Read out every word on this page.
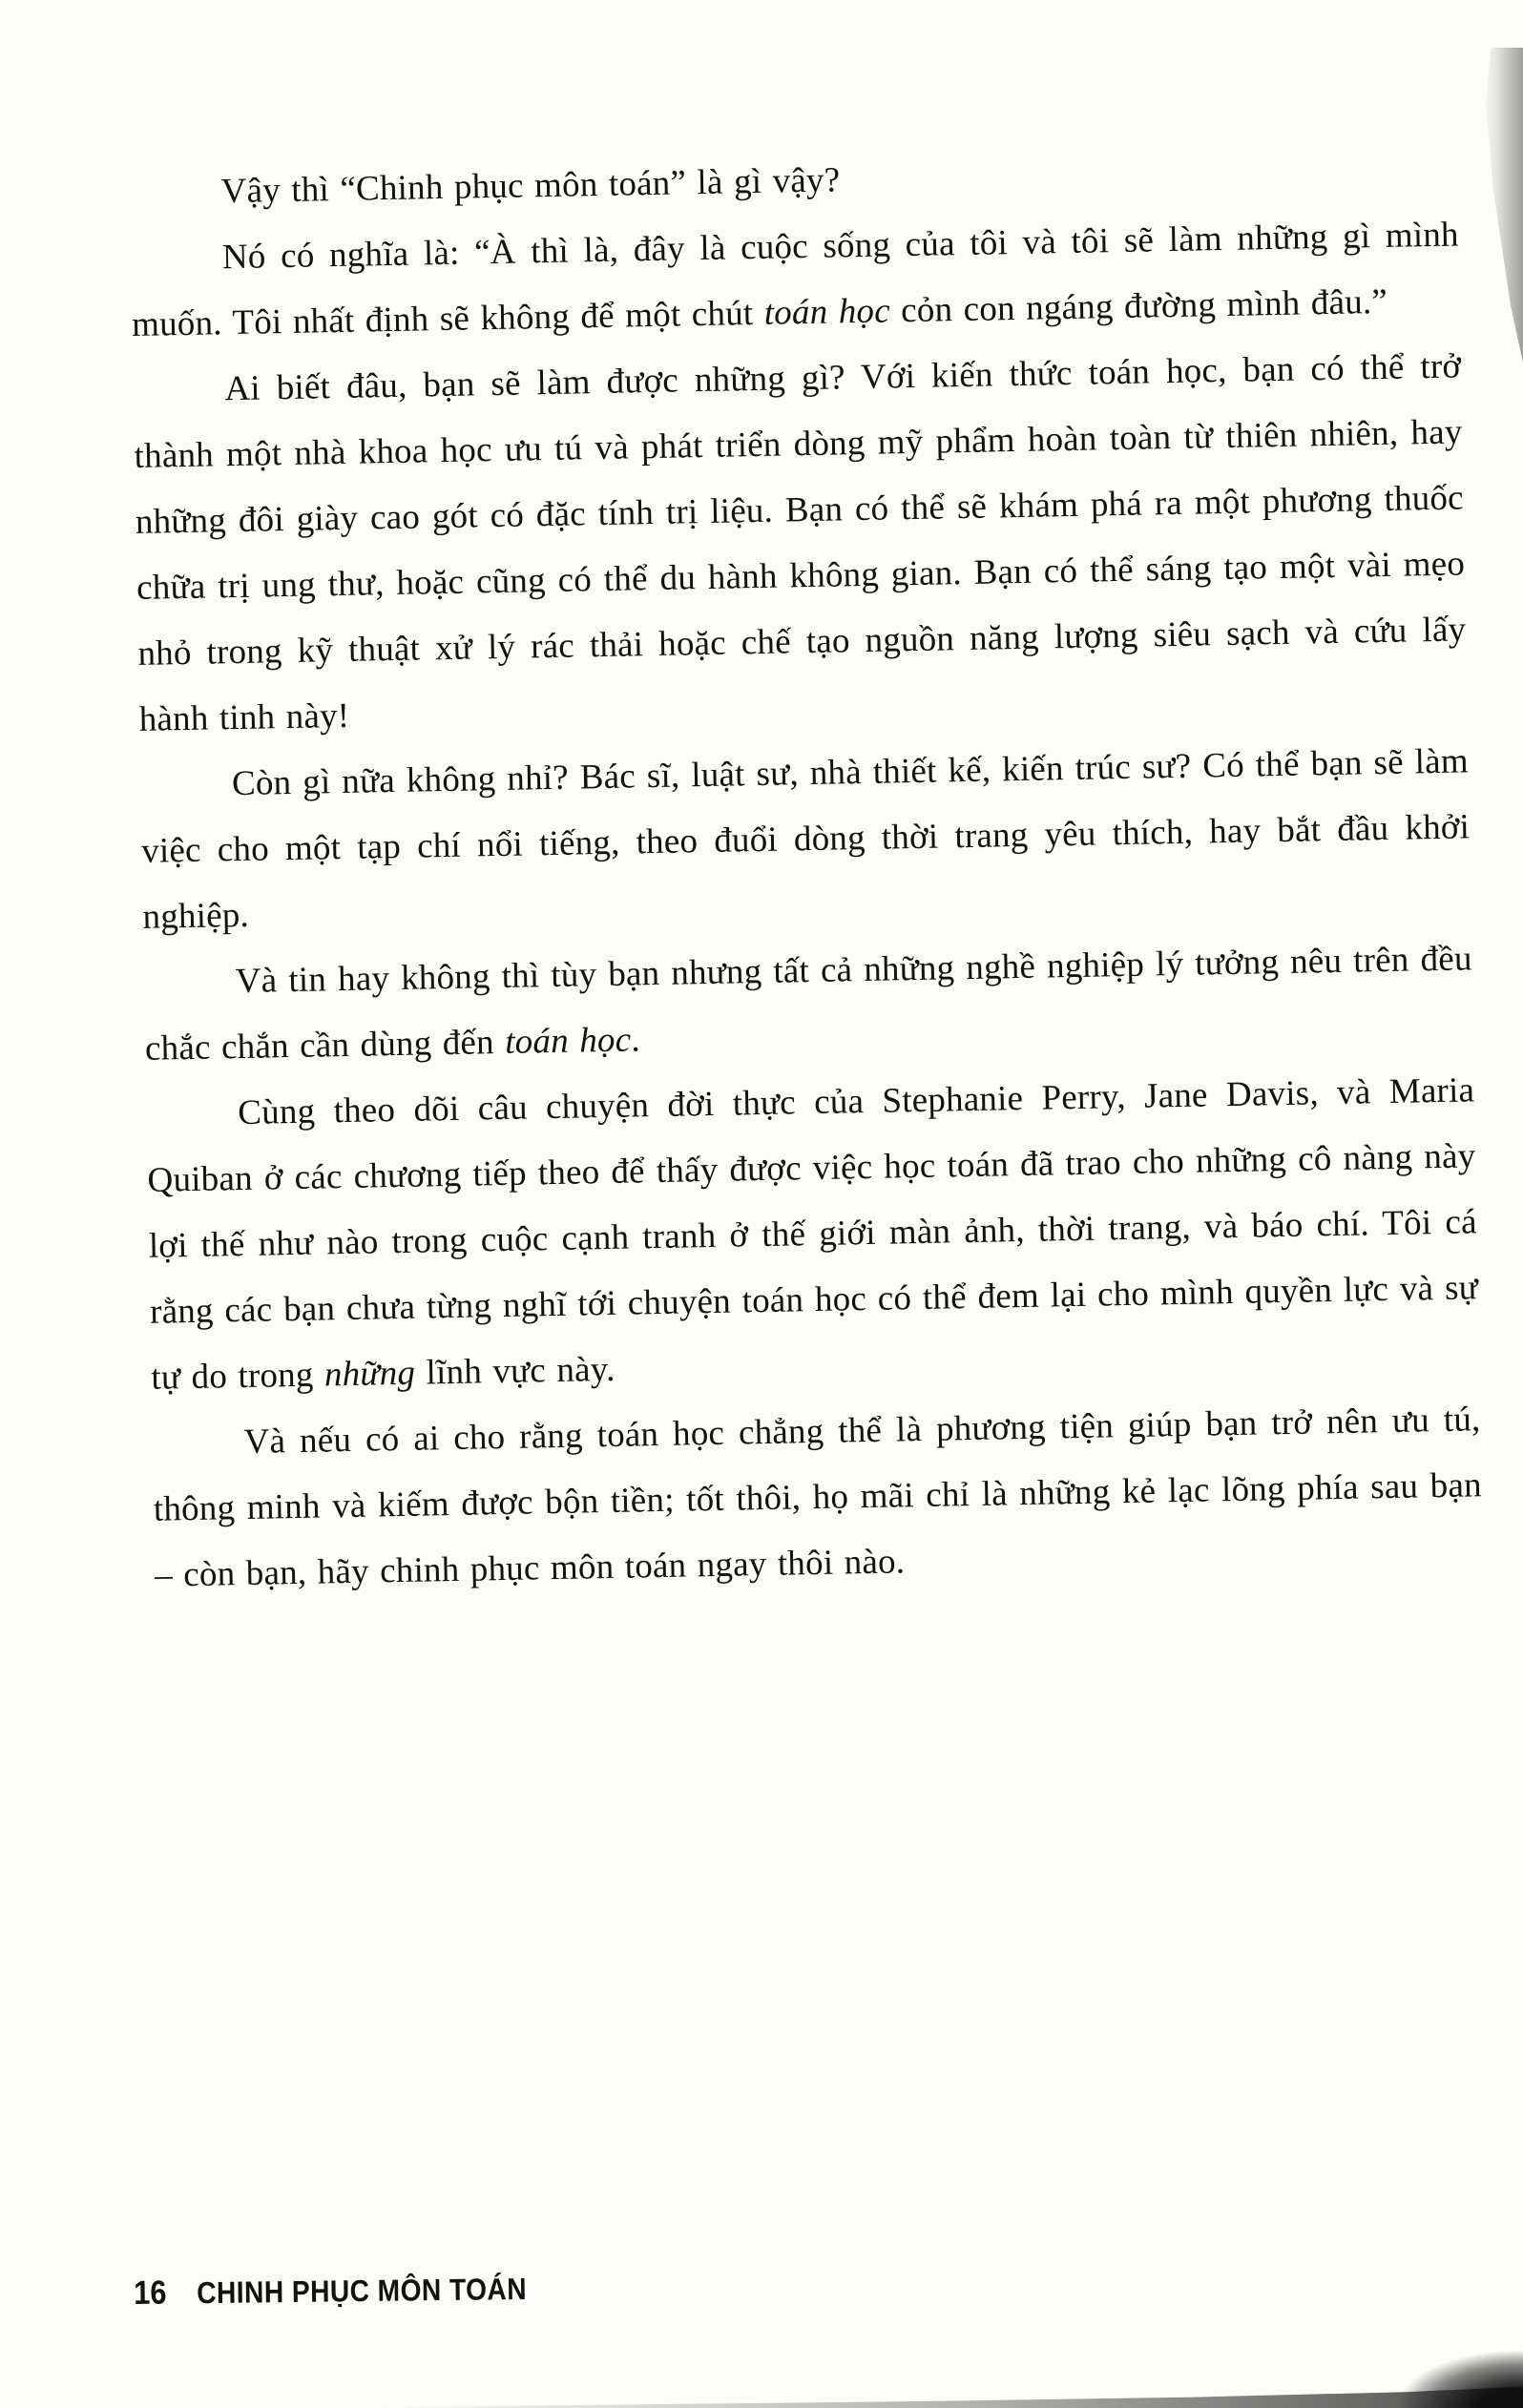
Vậy thì “Chinh phục môn toán” là gì vậy?

Nó có nghĩa là: “À thì là, đây là cuộc sống của tôi và tôi sẽ làm những gì mình muốn. Tôi nhất định sẽ không để một chút toán học cỏn con ngáng đường mình đâu.”

Ai biết đâu, bạn sẽ làm được những gì? Với kiến thức toán học, bạn có thể trở thành một nhà khoa học ưu tú và phát triển dòng mỹ phẩm hoàn toàn từ thiên nhiên, hay những đôi giày cao gót có đặc tính trị liệu. Bạn có thể sẽ khám phá ra một phương thuốc chữa trị ung thư, hoặc cũng có thể du hành không gian. Bạn có thể sáng tạo một vài mẹo nhỏ trong kỹ thuật xử lý rác thải hoặc chế tạo nguồn năng lượng siêu sạch và cứu lấy hành tinh này!

Còn gì nữa không nhỉ? Bác sĩ, luật sư, nhà thiết kế, kiến trúc sư? Có thể bạn sẽ làm việc cho một tạp chí nổi tiếng, theo đuổi dòng thời trang yêu thích, hay bắt đầu khởi nghiệp.

Và tin hay không thì tùy bạn nhưng tất cả những nghề nghiệp lý tưởng nêu trên đều chắc chắn cần dùng đến toán học.

Cùng theo dõi câu chuyện đời thực của Stephanie Perry, Jane Davis, và Maria Quiban ở các chương tiếp theo để thấy được việc học toán đã trao cho những cô nàng này lợi thế như nào trong cuộc cạnh tranh ở thế giới màn ảnh, thời trang, và báo chí. Tôi cá rằng các bạn chưa từng nghĩ tới chuyện toán học có thể đem lại cho mình quyền lực và sự tự do trong những lĩnh vực này.

Và nếu có ai cho rằng toán học chẳng thể là phương tiện giúp bạn trở nên ưu tú, thông minh và kiếm được bộn tiền; tốt thôi, họ mãi chỉ là những kẻ lạc lõng phía sau bạn – còn bạn, hãy chinh phục môn toán ngay thôi nào.

16 CHINH PHỤC MÔN TOÁN
